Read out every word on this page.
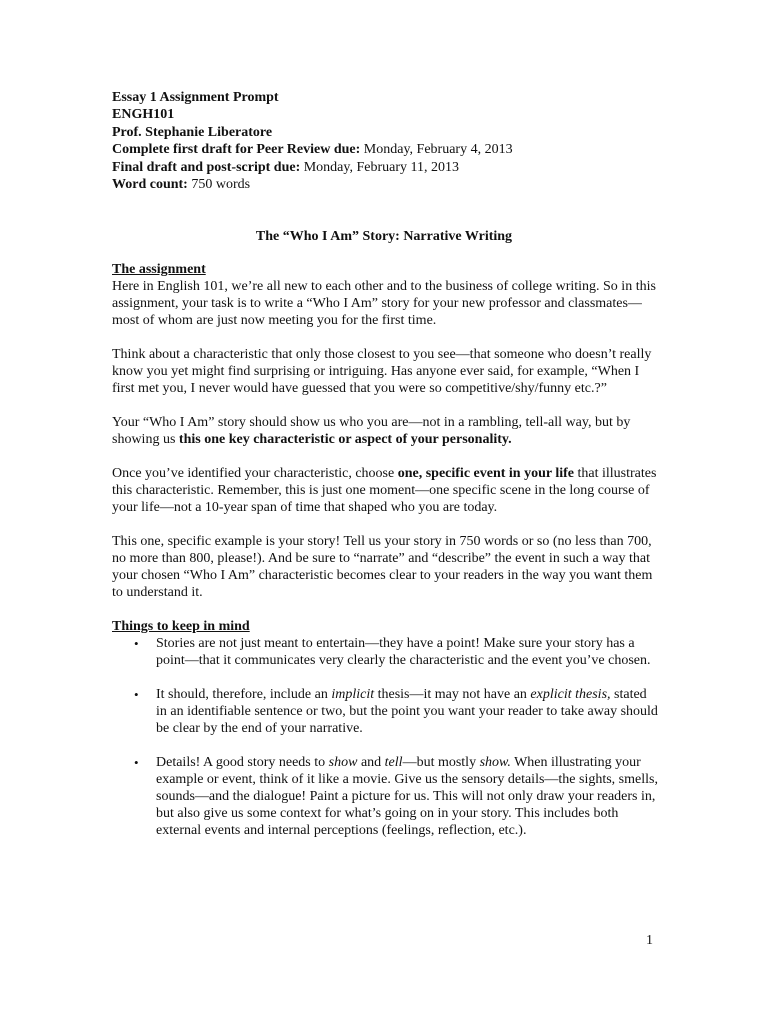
Essay 1 Assignment Prompt
ENGH101
Prof. Stephanie Liberatore
Complete first draft for Peer Review due: Monday, February 4, 2013
Final draft and post-script due: Monday, February 11, 2013
Word count: 750 words
The “Who I Am” Story: Narrative Writing
The assignment

Here in English 101, we’re all new to each other and to the business of college writing. So in this assignment, your task is to write a “Who I Am” story for your new professor and classmates—most of whom are just now meeting you for the first time.

Think about a characteristic that only those closest to you see—that someone who doesn’t really know you yet might find surprising or intriguing. Has anyone ever said, for example, “When I first met you, I never would have guessed that you were so competitive/shy/funny etc.?”

Your “Who I Am” story should show us who you are—not in a rambling, tell-all way, but by showing us this one key characteristic or aspect of your personality.

Once you’ve identified your characteristic, choose one, specific event in your life that illustrates this characteristic. Remember, this is just one moment—one specific scene in the long course of your life—not a 10-year span of time that shaped who you are today.

This one, specific example is your story! Tell us your story in 750 words or so (no less than 700, no more than 800, please!). And be sure to “narrate” and “describe” the event in such a way that your chosen “Who I Am” characteristic becomes clear to your readers in the way you want them to understand it.

Things to keep in mind
• Stories are not just meant to entertain—they have a point! Make sure your story has a point—that it communicates very clearly the characteristic and the event you’ve chosen.
• It should, therefore, include an implicit thesis—it may not have an explicit thesis, stated in an identifiable sentence or two, but the point you want your reader to take away should be clear by the end of your narrative.
• Details! A good story needs to show and tell—but mostly show. When illustrating your example or event, think of it like a movie. Give us the sensory details—the sights, smells, sounds—and the dialogue! Paint a picture for us. This will not only draw your readers in, but also give us some context for what’s going on in your story. This includes both external events and internal perceptions (feelings, reflection, etc.).
1
